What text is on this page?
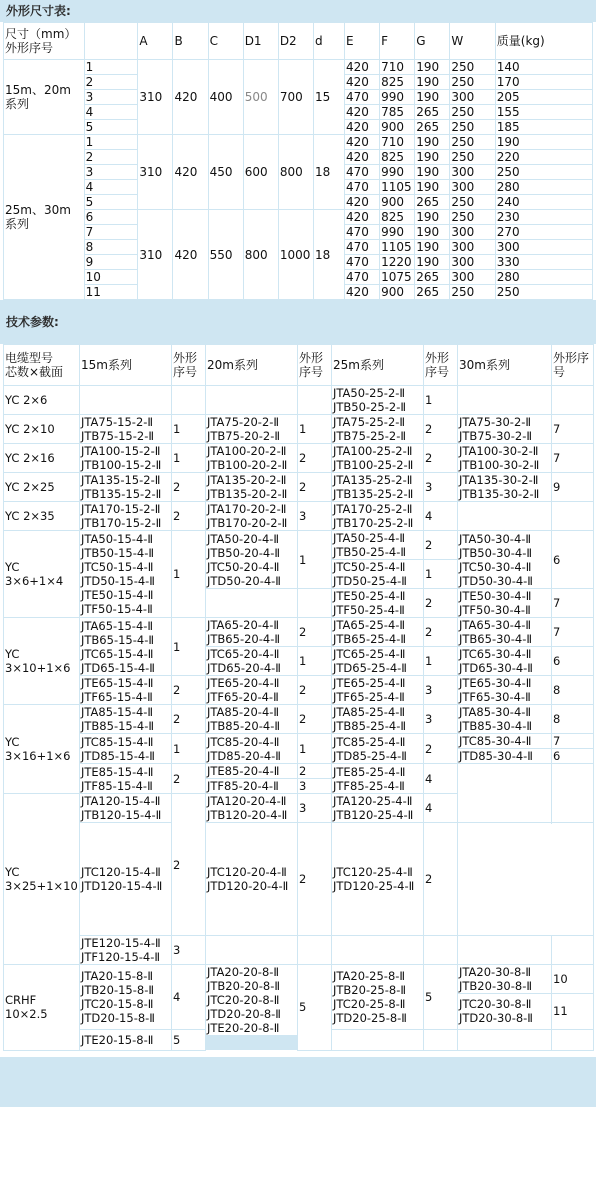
外形尺寸表:
尺寸（mm）
外形序号		A	B	C	D1	D2	d	E	F	G	W	质量(kg)
15m、20m系列	1	310	420	400	500	700	15	420	710	190	250	140
	2							420	825	190	250	170
	3							470	990	190	300	205
	4							420	785	265	250	155
	5							420	900	265	250	185
25m、30m系列	1	310	420	450	600	800	18	420	710	190	250	190
	2							420	825	190	250	220
	3							470	990	190	300	250
	4							470	1105	190	300	280
	5							420	900	265	250	240
	6	310	420	550	800	1000	18	420	825	190	250	230
	7							470	990	190	300	270
	8							470	1105	190	300	300
	9							470	1220	190	300	330
	10							470	1075	265	300	280
	11							420	900	265	250	250
技术参数:
电缆型号
芯数×截面	15m系列	外形序号	20m系列	外形序号	25m系列	外形序号	30m系列	外形序号	
YC 2×6					JTA50-25-2-Ⅱ JTB50-25-2-Ⅱ	1			

YC 2×10	JTA75-15-2-Ⅱ JTB75-15-2-Ⅱ	1	JTA75-20-2-Ⅱ JTB75-20-2-Ⅱ	1	JTA75-25-2-Ⅱ JTB75-25-2-Ⅱ	2	JTA75-30-2-Ⅱ JTB75-30-2-Ⅱ	7	

YC 2×16	JTA100-15-2-Ⅱ JTB100-15-2-Ⅱ	1	JTA100-20-2-Ⅱ JTB100-20-2-Ⅱ	2	JTA100-25-2-Ⅱ JTB100-25-2-Ⅱ	2	JTA100-30-2-Ⅱ JTB100-30-2-Ⅱ	7	

YC 2×25	JTA135-15-2-Ⅱ JTB135-15-2-Ⅱ	2	JTA135-20-2-Ⅱ JTB135-20-2-Ⅱ	2	JTA135-25-2-Ⅱ JTB135-25-2-Ⅱ	3	JTA135-30-2-Ⅱ JTB135-30-2-Ⅱ	9	

YC 2×35	JTA170-15-2-Ⅱ JTB170-15-2-Ⅱ	2	JTA170-20-2-Ⅱ JTB170-20-2-Ⅱ	3	JTA170-25-2-Ⅱ JTB170-25-2-Ⅱ	4			

YC 3×6+1×4	JTA50-15-4-Ⅱ JTB50-15-4-Ⅱ JTC50-15-4-Ⅱ JTD50-15-4-Ⅱ JTE50-15-4-Ⅱ JTF50-15-4-Ⅱ	1	JTA50-20-4-Ⅱ JTB50-20-4-Ⅱ JTC50-20-4-Ⅱ JTD50-20-4-Ⅱ	1	JTA50-25-4-Ⅱ JTB50-25-4-Ⅱ	2	JTA50-30-4-Ⅱ JTB50-30-4-Ⅱ JTC50-30-4-Ⅱ JTD50-30-4-Ⅱ	6	

					JTC50-25-4-Ⅱ JTD50-25-4-Ⅱ	1			

					JTE50-25-4-Ⅱ JTF50-25-4-Ⅱ	2	JTE50-30-4-Ⅱ JTF50-30-4-Ⅱ	7	

YC 3×10+1×6	JTA65-15-4-Ⅱ JTB65-15-4-Ⅱ JTC65-15-4-Ⅱ JTD65-15-4-Ⅱ	1	JTA65-20-4-Ⅱ JTB65-20-4-Ⅱ	2	JTA65-25-4-Ⅱ JTB65-25-4-Ⅱ	2	JTA65-30-4-Ⅱ JTB65-30-4-Ⅱ	7	

			JTC65-20-4-Ⅱ JTD65-20-4-Ⅱ	1	JTC65-25-4-Ⅱ JTD65-25-4-Ⅱ	1	JTC65-30-4-Ⅱ JTD65-30-4-Ⅱ	6	

	JTE65-15-4-Ⅱ JTF65-15-4-Ⅱ	2	JTE65-20-4-Ⅱ JTF65-20-4-Ⅱ	2	JTE65-25-4-Ⅱ JTF65-25-4-Ⅱ	3	JTE65-30-4-Ⅱ JTF65-30-4-Ⅱ	8	

YC 3×16+1×6	JTA85-15-4-Ⅱ JTB85-15-4-Ⅱ	2	JTA85-20-4-Ⅱ JTB85-20-4-Ⅱ	2	JTA85-25-4-Ⅱ JTB85-25-4-Ⅱ	3	JTA85-30-4-Ⅱ JTB85-30-4-Ⅱ	8	

	JTC85-15-4-Ⅱ JTD85-15-4-Ⅱ	1	JTC85-20-4-Ⅱ JTD85-20-4-Ⅱ	1	JTC85-25-4-Ⅱ JTD85-25-4-Ⅱ	2	JTC85-30-4-Ⅱ	7	
							JTD85-30-4-Ⅱ	6	
	JTE85-15-4-Ⅱ JTF85-15-4-Ⅱ	2	JTE85-20-4-Ⅱ	2	JTE85-25-4-Ⅱ JTF85-25-4-Ⅱ	4			
			JTF85-20-4-Ⅱ	3					
YC 3×25+1×10	JTA120-15-4-Ⅱ JTB120-15-4-Ⅱ	2	JTA120-20-4-Ⅱ JTB120-20-4-Ⅱ	3	JTA120-25-4-Ⅱ JTB120-25-4-Ⅱ	4			

	JTC120-15-4-Ⅱ JTD120-15-4-Ⅱ		JTC120-20-4-Ⅱ JTD120-20-4-Ⅱ	2	JTC120-25-4-Ⅱ JTD120-25-4-Ⅱ	2		

	JTE120-15-4-Ⅱ JTF120-15-4-Ⅱ	3							

CRHF 10×2.5	JTA20-15-8-Ⅱ JTB20-15-8-Ⅱ JTC20-15-8-Ⅱ JTD20-15-8-Ⅱ	4	JTA20-20-8-Ⅱ JTB20-20-8-Ⅱ JTC20-20-8-Ⅱ JTD20-20-8-Ⅱ JTE20-20-8-Ⅱ	5	JTA20-25-8-Ⅱ JTB20-25-8-Ⅱ JTC20-25-8-Ⅱ JTD20-25-8-Ⅱ	5	JTA20-30-8-Ⅱ JTB20-30-8-Ⅱ	10	

							JTC20-30-8-Ⅱ JTD20-30-8-Ⅱ	11	

	JTE20-15-8-Ⅱ	5							
